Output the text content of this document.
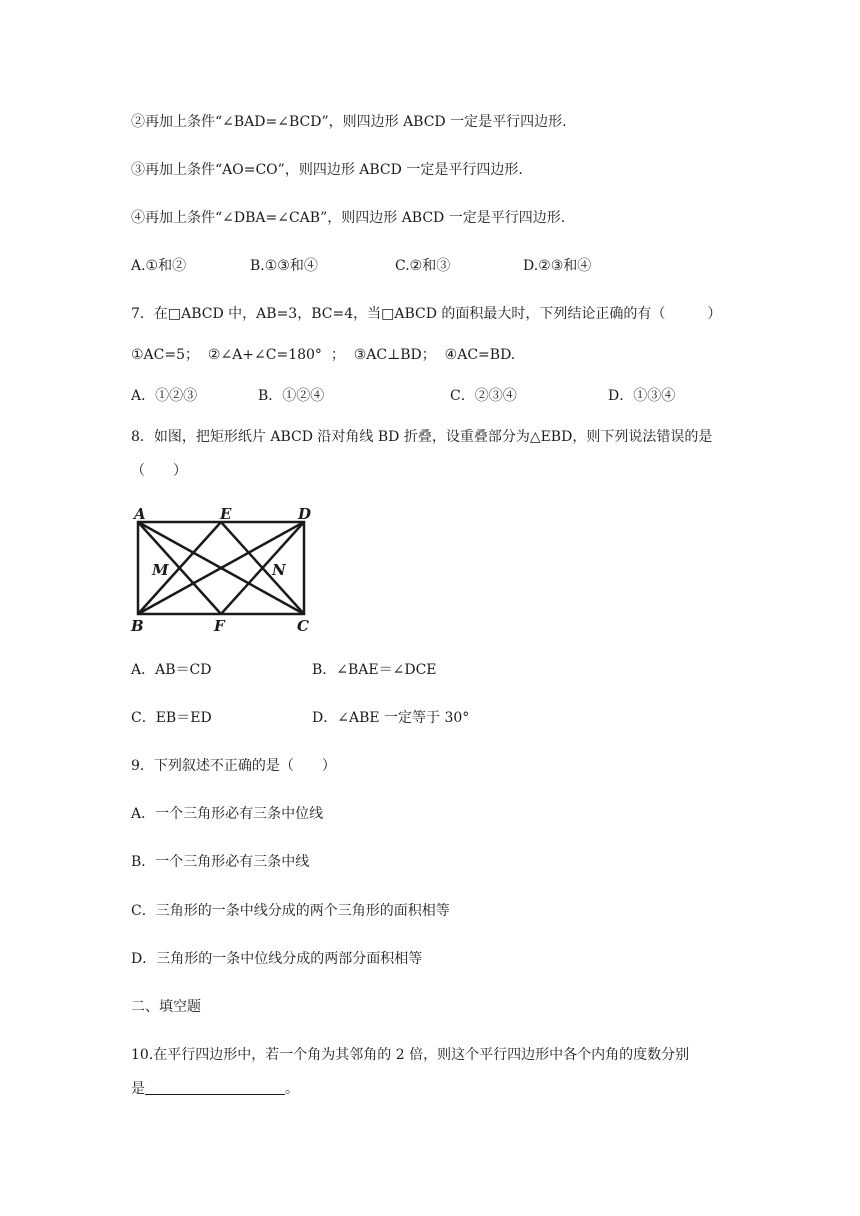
②再加上条件“∠BAD=∠BCD”，则四边形 ABCD 一定是平行四边形.
③再加上条件“AO=CO”，则四边形 ABCD 一定是平行四边形.
④再加上条件“∠DBA=∠CAB”，则四边形 ABCD 一定是平行四边形.
A.①和②	B.①③和④	C.②和③	D.②③和④
7．在□ABCD 中，AB=3，BC=4，当□ABCD 的面积最大时，下列结论正确的有（　　　）
①AC=5；  ②∠A+∠C=180°  ；  ③AC⊥BD；  ④AC=BD.
A．①②③	B．①②④	C．②③④	D．①③④
8．如图，把矩形纸片 ABCD 沿对角线 BD 折叠，设重叠部分为△EBD，则下列说法错误的是
（　　）
A	E	D
M	N
B	F	C
A．AB＝CD	B．∠BAE＝∠DCE
C．EB＝ED	D．∠ABE 一定等于 30°
9．下列叙述不正确的是（　　）
A．一个三角形必有三条中位线
B．一个三角形必有三条中线
C．三角形的一条中线分成的两个三角形的面积相等
D．三角形的一条中位线分成的两部分面积相等
二、填空题
10.在平行四边形中，若一个角为其邻角的 2 倍，则这个平行四边形中各个内角的度数分别
是	。
